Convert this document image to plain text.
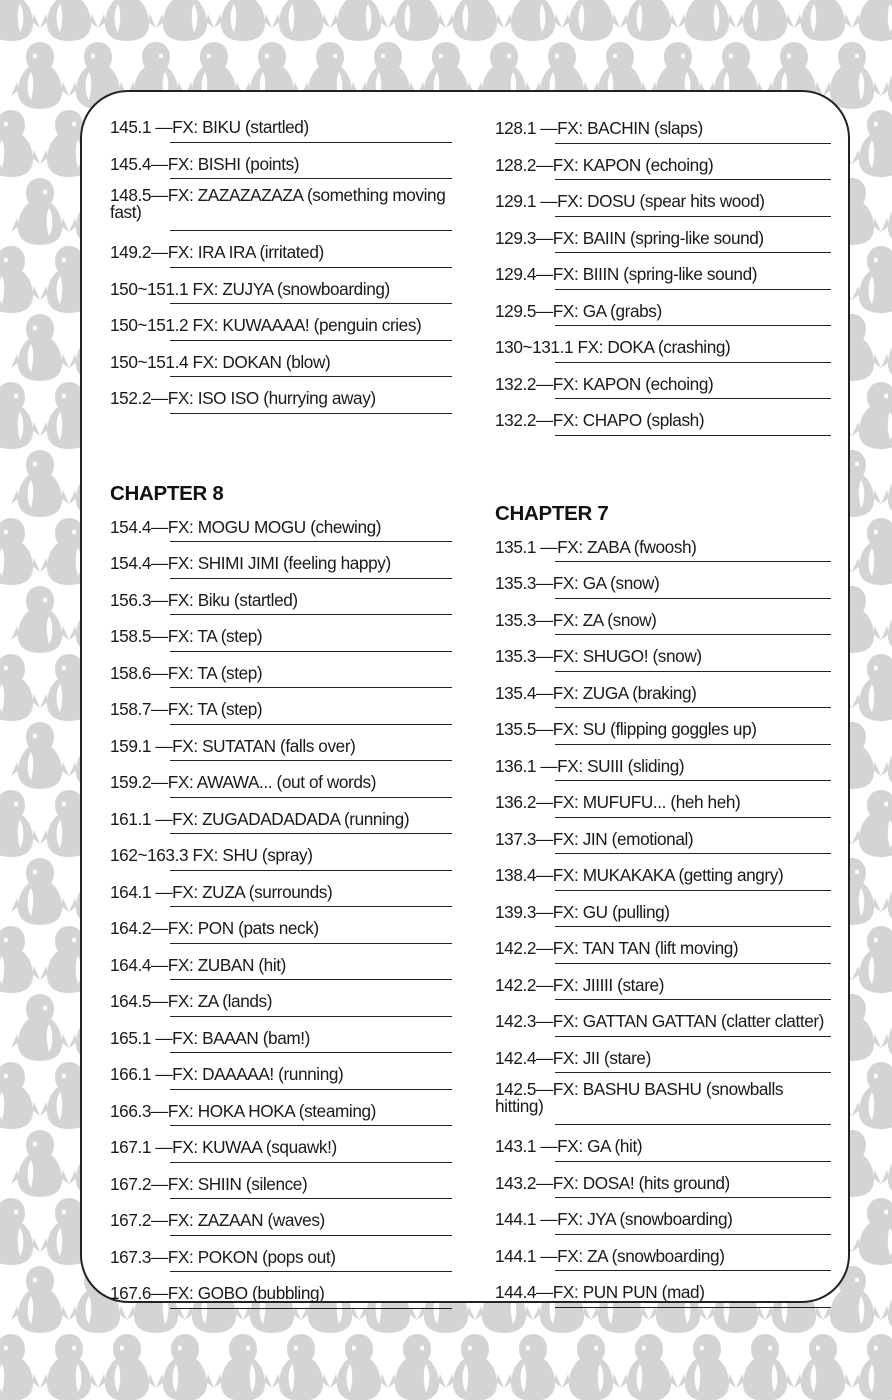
145.1 —FX: BIKU (startled)
145.4—FX: BISHI (points)
148.5—FX: ZAZAZAZAZA (something moving fast)
149.2—FX: IRA IRA (irritated)
150~151.1 FX: ZUJYA (snowboarding)
150~151.2 FX: KUWAAAA! (penguin cries)
150~151.4 FX: DOKAN (blow)
152.2—FX: ISO ISO (hurrying away)
CHAPTER 8
154.4—FX: MOGU MOGU (chewing)
154.4—FX: SHIMI JIMI (feeling happy)
156.3—FX: Biku (startled)
158.5—FX: TA (step)
158.6—FX: TA (step)
158.7—FX: TA (step)
159.1 —FX: SUTATAN (falls over)
159.2—FX: AWAWA... (out of words)
161.1 —FX: ZUGADADADADA (running)
162~163.3 FX: SHU (spray)
164.1 —FX: ZUZA (surrounds)
164.2—FX: PON (pats neck)
164.4—FX: ZUBAN (hit)
164.5—FX: ZA (lands)
165.1 —FX: BAAAN (bam!)
166.1 —FX: DAAAAA! (running)
166.3—FX: HOKA HOKA (steaming)
167.1 —FX: KUWAA (squawk!)
167.2—FX: SHIIN (silence)
167.2—FX: ZAZAAN (waves)
167.3—FX: POKON (pops out)
167.6—FX: GOBO (bubbling)
128.1 —FX: BACHIN (slaps)
128.2—FX: KAPON (echoing)
129.1 —FX: DOSU (spear hits wood)
129.3—FX: BAIIN (spring-like sound)
129.4—FX: BIIIN (spring-like sound)
129.5—FX: GA (grabs)
130~131.1 FX: DOKA (crashing)
132.2—FX: KAPON (echoing)
132.2—FX: CHAPO (splash)
CHAPTER 7
135.1 —FX: ZABA (fwoosh)
135.3—FX: GA (snow)
135.3—FX: ZA (snow)
135.3—FX: SHUGO! (snow)
135.4—FX: ZUGA (braking)
135.5—FX: SU (flipping goggles up)
136.1 —FX: SUIII (sliding)
136.2—FX: MUFUFU... (heh heh)
137.3—FX: JIN (emotional)
138.4—FX: MUKAKAKA (getting angry)
139.3—FX: GU (pulling)
142.2—FX: TAN TAN (lift moving)
142.2—FX: JIIIII (stare)
142.3—FX: GATTAN GATTAN (clatter clatter)
142.4—FX: JII (stare)
142.5—FX: BASHU BASHU (snowballs hitting)
143.1 —FX: GA (hit)
143.2—FX: DOSA! (hits ground)
144.1 —FX: JYA (snowboarding)
144.1 —FX: ZA (snowboarding)
144.4—FX: PUN PUN (mad)
